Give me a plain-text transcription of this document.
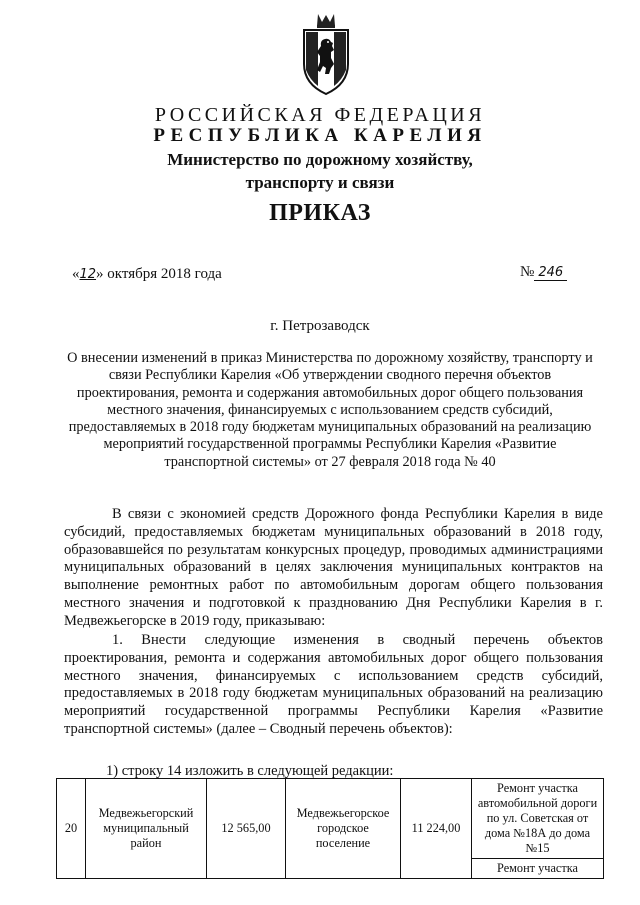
РОССИЙСКАЯ ФЕДЕРАЦИЯ
РЕСПУБЛИКА КАРЕЛИЯ
Министерство по дорожному хозяйству,
транспорту и связи
ПРИКАЗ
«12» октября 2018 года	№ 246
г. Петрозаводск
О внесении изменений в приказ Министерства по дорожному хозяйству, транспорту и связи Республики Карелия «Об утверждении сводного перечня объектов проектирования, ремонта и содержания автомобильных дорог общего пользования местного значения, финансируемых с использованием средств субсидий, предоставляемых в 2018 году бюджетам муниципальных образований на реализацию мероприятий государственной программы Республики Карелия «Развитие транспортной системы» от 27 февраля 2018 года № 40

В связи с экономией средств Дорожного фонда Республики Карелия в виде субсидий, предоставляемых бюджетам муниципальных образований в 2018 году, образовавшейся по результатам конкурсных процедур, проводимых администрациями муниципальных образований в целях заключения муниципальных контрактов на выполнение ремонтных работ по автомобильным дорогам общего пользования местного значения и подготовкой к празднованию Дня Республики Карелия в г. Медвежьегорске в 2019 году, приказываю:

1. Внести следующие изменения в сводный перечень объектов проектирования, ремонта и содержания автомобильных дорог общего пользования местного значения, финансируемых с использованием средств субсидий, предоставляемых в 2018 году бюджетам муниципальных образований на реализацию мероприятий государственной программы Республики Карелия «Развитие транспортной системы» (далее – Сводный перечень объектов):

1) строку 14 изложить в следующей редакции:
20	Медвежьегорский муниципальный район	12 565,00	Медвежьегорское городское поселение	11 224,00	Ремонт участка автомобильной дороги по ул. Советская от дома №18А до дома №15
Ремонт участка
